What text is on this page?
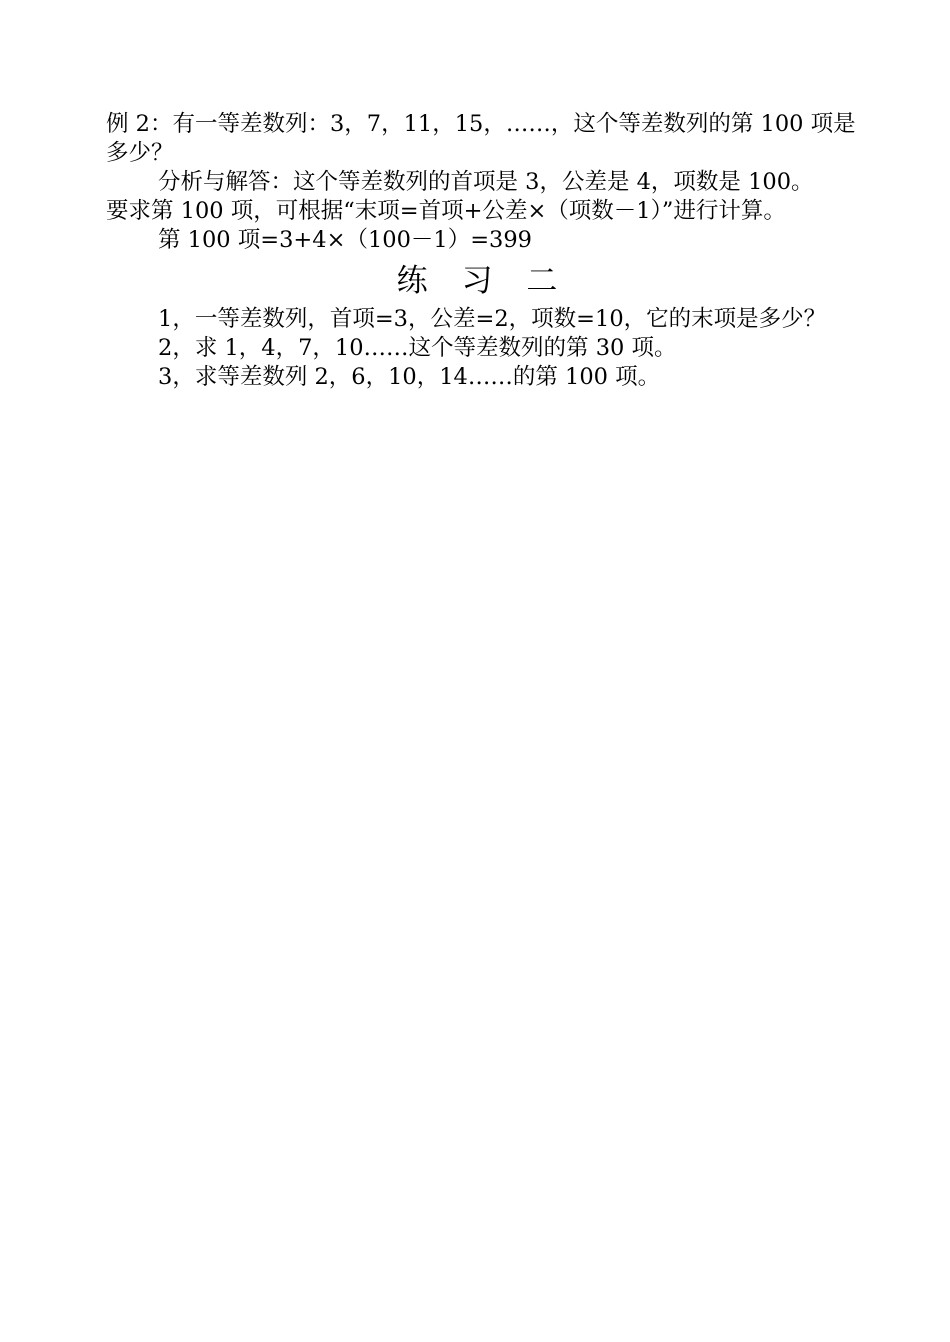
例 2：有一等差数列：3，7，11，15，……，这个等差数列的第 100 项是
多少？
分析与解答：这个等差数列的首项是 3，公差是 4，项数是 100。
要求第 100 项，可根据“末项=首项+公差×（项数－1）”进行计算。
第 100 项=3+4×（100－1）=399
练 习 二
1，一等差数列，首项=3，公差=2，项数=10，它的末项是多少？
2，求 1，4，7，10……这个等差数列的第 30 项。
3，求等差数列 2，6，10，14……的第 100 项。
